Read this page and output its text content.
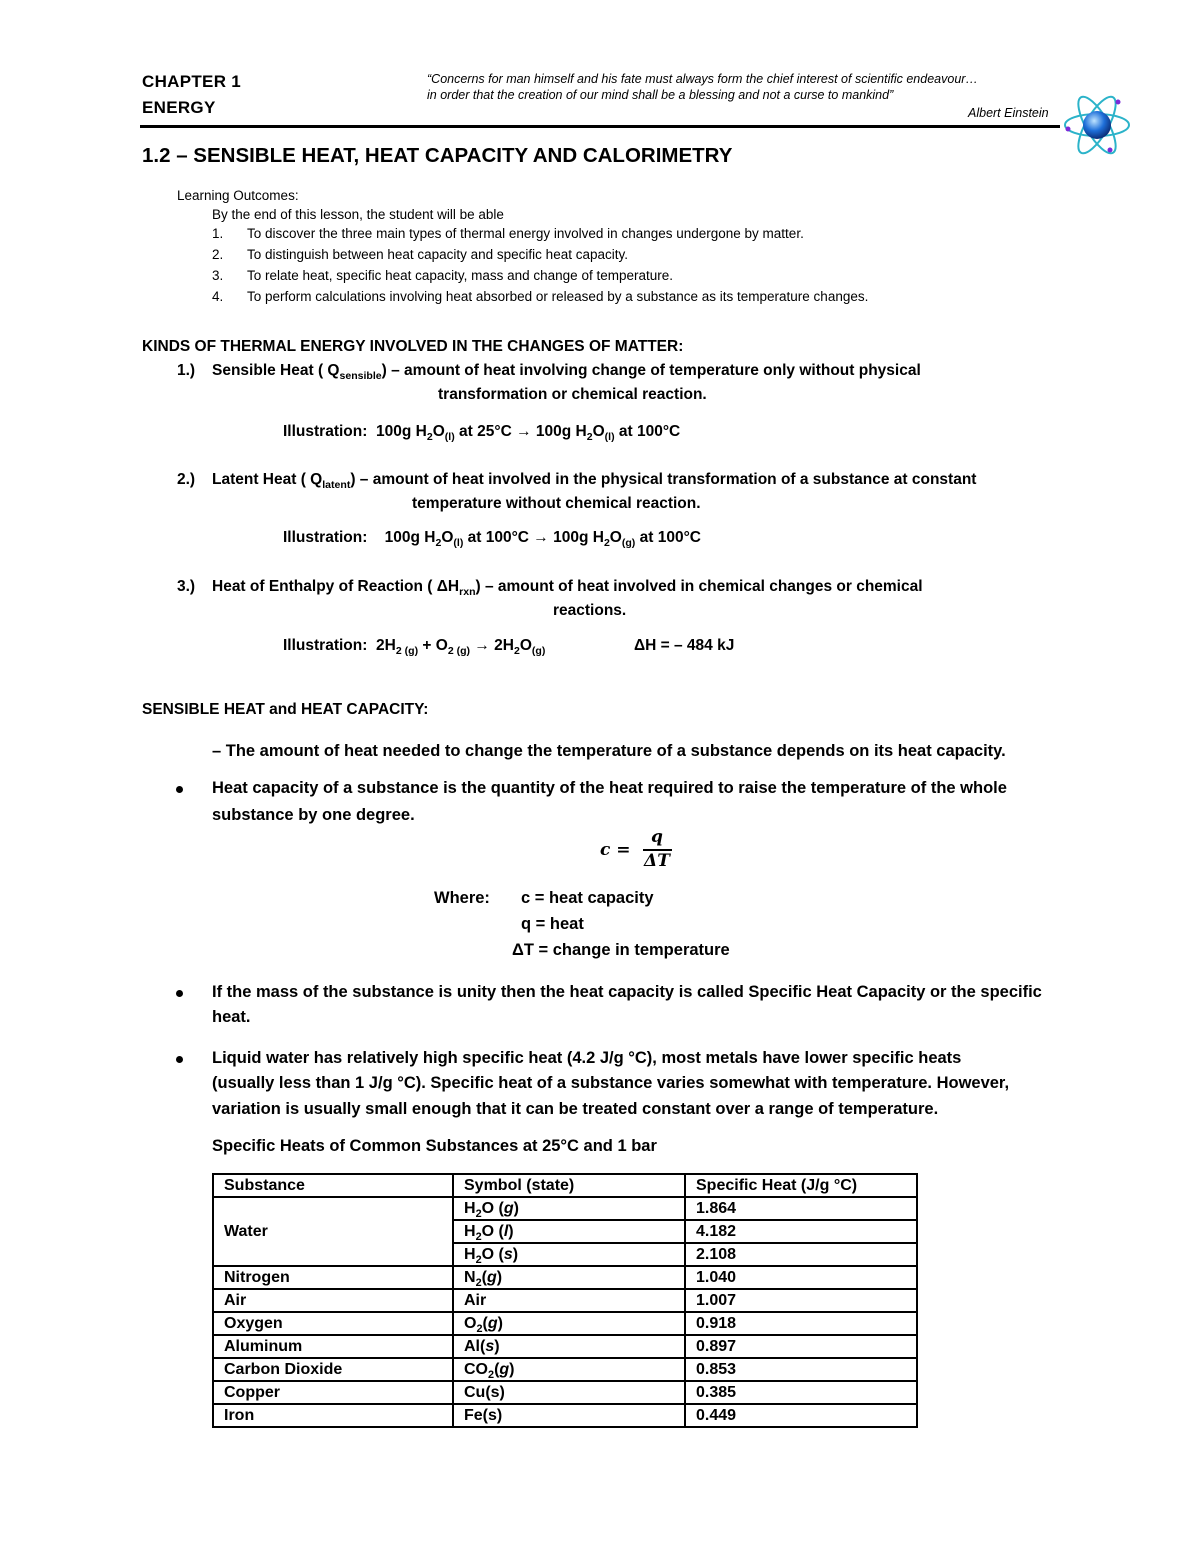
CHAPTER 1
ENERGY
“Concerns for man himself and his fate must always form the chief interest of scientific endeavour…
in order that the creation of our mind shall be a blessing and not a curse to mankind”
Albert Einstein
1.2 – SENSIBLE HEAT, HEAT CAPACITY AND CALORIMETRY
Learning Outcomes:
By the end of this lesson, the student will be able
1. To discover the three main types of thermal energy involved in changes undergone by matter.
2. To distinguish between heat capacity and specific heat capacity.
3. To relate heat, specific heat capacity, mass and change of temperature.
4. To perform calculations involving heat absorbed or released by a substance as its temperature changes.
KINDS OF THERMAL ENERGY INVOLVED IN THE CHANGES OF MATTER:
1.) Sensible Heat ( $Q_{sensible}$) – amount of heat involving change of temperature only without physical
transformation or chemical reaction.
Illustration: 100g $H_2O_{(l)}$ at 25°C → 100g $H_2O_{(l)}$ at 100°C
2.) Latent Heat ( $Q_{latent}$) – amount of heat involved in the physical transformation of a substance at constant
temperature without chemical reaction.
Illustration: 100g $H_2O_{(l)}$ at 100°C → 100g $H_2O_{(g)}$ at 100°C
3.) Heat of Enthalpy of Reaction ( $\Delta H_{rxn}$) – amount of heat involved in chemical changes or chemical
reactions.
Illustration: $2H_{2 (g)} + O_{2 (g)} \to 2H_2O_{(g)}$	ΔH = – 484 kJ
SENSIBLE HEAT and HEAT CAPACITY:
– The amount of heat needed to change the temperature of a substance depends on its heat capacity.
Heat capacity of a substance is the quantity of the heat required to raise the temperature of the whole
substance by one degree.
c =
q
ΔT
Where: c = heat capacity
q = heat
ΔT = change in temperature
If the mass of the substance is unity then the heat capacity is called Specific Heat Capacity or the specific
heat.
Liquid water has relatively high specific heat (4.2 J/g °C), most metals have lower specific heats
(usually less than 1 J/g °C). Specific heat of a substance varies somewhat with temperature. However,
variation is usually small enough that it can be treated constant over a range of temperature.
Specific Heats of Common Substances at 25°C and 1 bar
Substance	Symbol (state)	Specific Heat (J/g °C)
Water	$H_2O$ (g)	1.864
	$H_2O$ (l)	4.182
	$H_2O$ (s)	2.108
Nitrogen	$N_2(g)$	1.040
Air	Air	1.007
Oxygen	$O_2(g)$	0.918
Aluminum	Al(s)	0.897
Carbon Dioxide	$CO_2(g)$	0.853
Copper	Cu(s)	0.385
Iron	Fe(s)	0.449
